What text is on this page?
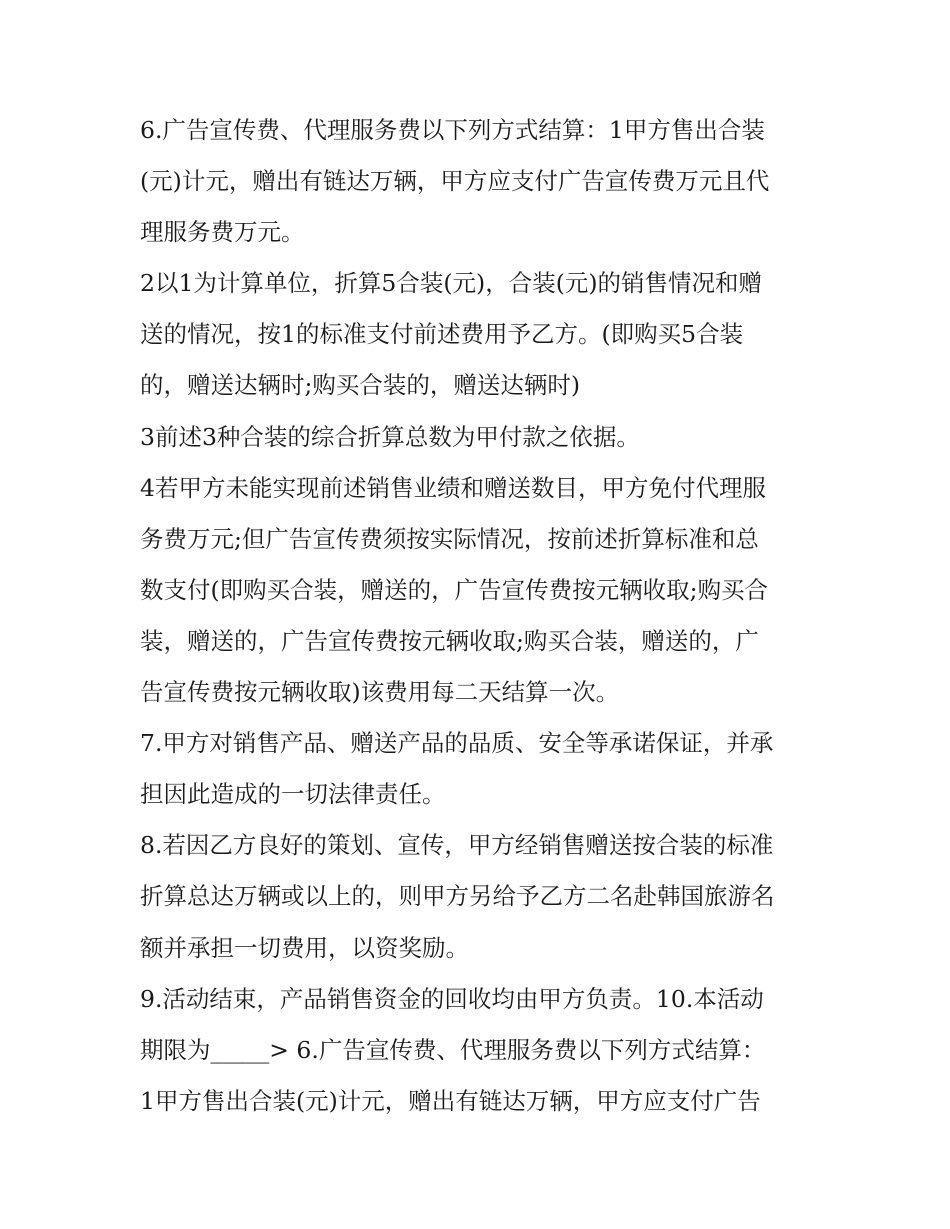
6.广告宣传费、代理服务费以下列方式结算：1甲方售出合装
(元)计元，赠出有链达万辆，甲方应支付广告宣传费万元且代
理服务费万元。
2以1为计算单位，折算5合装(元)，合装(元)的销售情况和赠
送的情况，按1的标准支付前述费用予乙方。(即购买5合装
的，赠送达辆时;购买合装的，赠送达辆时)
3前述3种合装的综合折算总数为甲付款之依据。
4若甲方未能实现前述销售业绩和赠送数目，甲方免付代理服
务费万元;但广告宣传费须按实际情况，按前述折算标准和总
数支付(即购买合装，赠送的，广告宣传费按元辆收取;购买合
装，赠送的，广告宣传费按元辆收取;购买合装，赠送的，广
告宣传费按元辆收取)该费用每二天结算一次。
7.甲方对销售产品、赠送产品的品质、安全等承诺保证，并承
担因此造成的一切法律责任。
8.若因乙方良好的策划、宣传，甲方经销售赠送按合装的标准
折算总达万辆或以上的，则甲方另给予乙方二名赴韩国旅游名
额并承担一切费用，以资奖励。
9.活动结束，产品销售资金的回收均由甲方负责。10.本活动
期限为_____> 6.广告宣传费、代理服务费以下列方式结算：
1甲方售出合装(元)计元，赠出有链达万辆，甲方应支付广告
